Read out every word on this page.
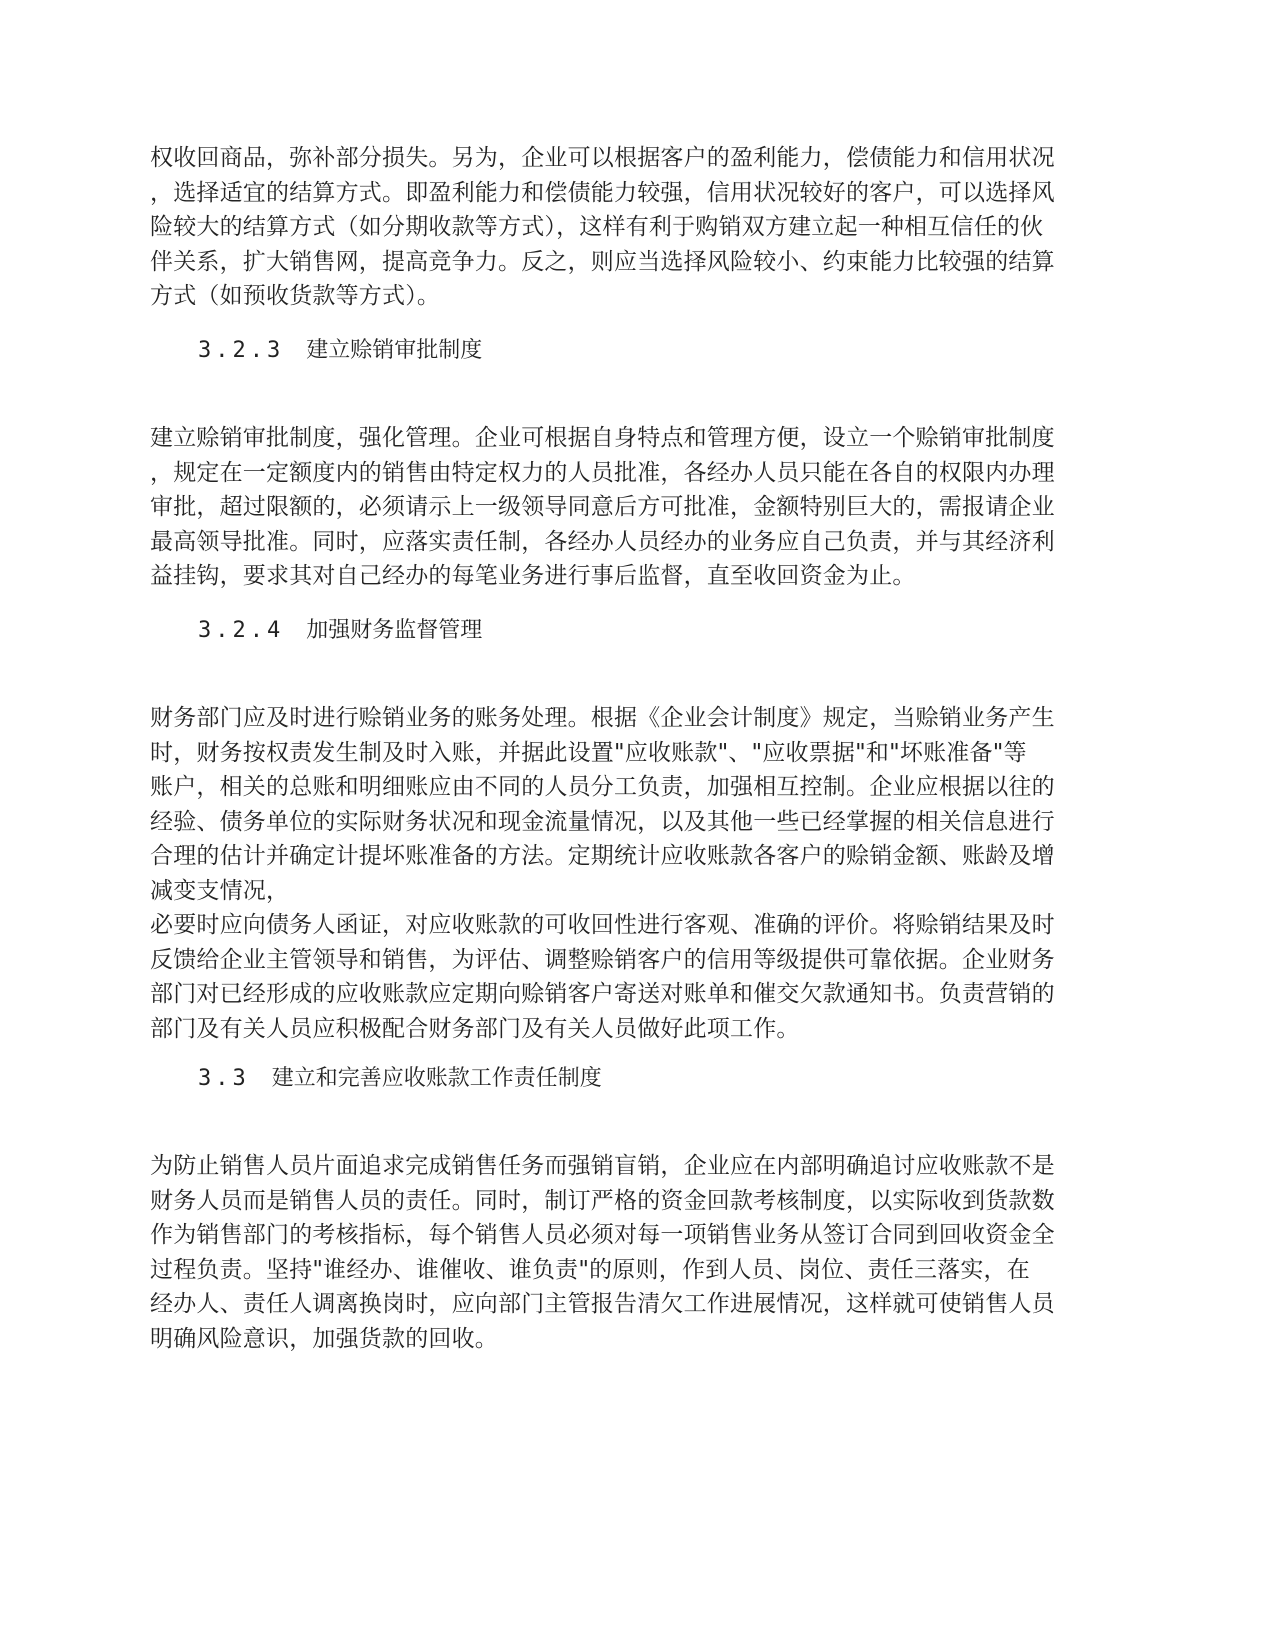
权收回商品，弥补部分损失。另为，企业可以根据客户的盈利能力，偿债能力和信用状况
，选择适宜的结算方式。即盈利能力和偿债能力较强，信用状况较好的客户，可以选择风
险较大的结算方式（如分期收款等方式），这样有利于购销双方建立起一种相互信任的伙
伴关系，扩大销售网，提高竞争力。反之，则应当选择风险较小、约束能力比较强的结算
方式（如预收货款等方式）。

3.2.3 建立赊销审批制度

建立赊销审批制度，强化管理。企业可根据自身特点和管理方便，设立一个赊销审批制度
，规定在一定额度内的销售由特定权力的人员批准，各经办人员只能在各自的权限内办理
审批，超过限额的，必须请示上一级领导同意后方可批准，金额特别巨大的，需报请企业
最高领导批准。同时，应落实责任制，各经办人员经办的业务应自己负责，并与其经济利
益挂钩，要求其对自己经办的每笔业务进行事后监督，直至收回资金为止。

3.2.4 加强财务监督管理

财务部门应及时进行赊销业务的账务处理。根据《企业会计制度》规定，当赊销业务产生
时，财务按权责发生制及时入账，并据此设置"应收账款"、"应收票据"和"坏账准备"等
账户，相关的总账和明细账应由不同的人员分工负责，加强相互控制。企业应根据以往的
经验、债务单位的实际财务状况和现金流量情况，以及其他一些已经掌握的相关信息进行
合理的估计并确定计提坏账准备的方法。定期统计应收账款各客户的赊销金额、账龄及增
减变支情况，
必要时应向债务人函证，对应收账款的可收回性进行客观、准确的评价。将赊销结果及时
反馈给企业主管领导和销售，为评估、调整赊销客户的信用等级提供可靠依据。企业财务
部门对已经形成的应收账款应定期向赊销客户寄送对账单和催交欠款通知书。负责营销的
部门及有关人员应积极配合财务部门及有关人员做好此项工作。

3.3 建立和完善应收账款工作责任制度

为防止销售人员片面追求完成销售任务而强销盲销，企业应在内部明确追讨应收账款不是
财务人员而是销售人员的责任。同时，制订严格的资金回款考核制度，以实际收到货款数
作为销售部门的考核指标，每个销售人员必须对每一项销售业务从签订合同到回收资金全
过程负责。坚持"谁经办、谁催收、谁负责"的原则，作到人员、岗位、责任三落实，在
经办人、责任人调离换岗时，应向部门主管报告清欠工作进展情况，这样就可使销售人员
明确风险意识，加强货款的回收。
